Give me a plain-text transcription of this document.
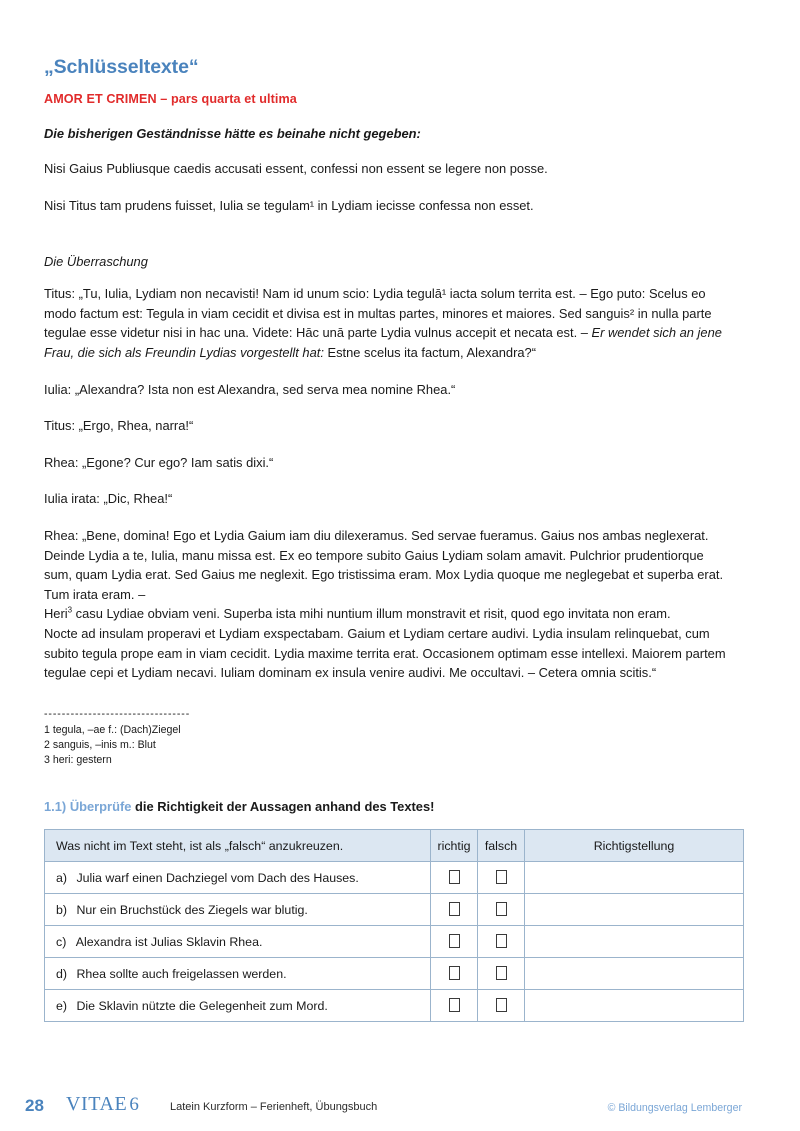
„Schlüsseltexte“
AMOR ET CRIMEN – pars quarta et ultima

Die bisherigen Geständnisse hätte es beinahe nicht gegeben:

Nisi Gaius Publiusque caedis accusati essent, confessi non essent se legere non posse.

Nisi Titus tam prudens fuisset, Iulia se tegulam¹ in Lydiam iecisse confessa non esset.

Die Überraschung

Titus: „Tu, Iulia, Lydiam non necavisti! Nam id unum scio: Lydia tegulā¹ iacta solum territa est. – Ego puto: Scelus eo modo factum est: Tegula in viam cecidit et divisa est in multas partes, minores et maiores. Sed sanguis² in nulla parte tegulae esse videtur nisi in hac una. Videte: Hāc unā parte Lydia vulnus accepit et necata est. – Er wendet sich an jene Frau, die sich als Freundin Lydias vorgestellt hat: Estne scelus ita factum, Alexandra?“

Iulia: „Alexandra? Ista non est Alexandra, sed serva mea nomine Rhea.“

Titus: „Ergo, Rhea, narra!“

Rhea: „Egone? Cur ego? Iam satis dixi.“

Iulia irata: „Dic, Rhea!“

Rhea: „Bene, domina! Ego et Lydia Gaium iam diu dilexeramus. Sed servae fueramus. Gaius nos ambas neglexerat. Deinde Lydia a te, Iulia, manu missa est. Ex eo tempore subito Gaius Lydiam solam amavit. Pulchrior prudentiorque sum, quam Lydia erat. Sed Gaius me neglexit. Ego tristissima eram. Mox Lydia quoque me neglegebat et superba erat. Tum irata eram. –

Heri$^3$ casu Lydiae obviam veni. Superba ista mihi nuntium illum monstravit et risit, quod ego invitata non eram.

Nocte ad insulam properavi et Lydiam exspectabam. Gaium et Lydiam certare audivi. Lydia insulam relinquebat, cum subito tegula prope eam in viam cecidit. Lydia maxime territa erat. Occasionem optimam esse intellexi. Maiorem partem tegulae cepi et Lydiam necavi. Iuliam dominam ex insula venire audivi. Me occultavi. – Cetera omnia scitis.“

---------------------------------

1 tegula, –ae f.: (Dach)Ziegel

2 sanguis, –inis m.: Blut

3 heri: gestern

1.1) Überprüfe die Richtigkeit der Aussagen anhand des Textes!
Was nicht im Text steht, ist als „falsch“ anzukreuzen.	richtig	falsch	Richtigstellung
a) Julia warf einen Dachziegel vom Dach des Hauses.			
b) Nur ein Bruchstück des Ziegels war blutig.			
c) Alexandra ist Julias Sklavin Rhea.			
d) Rhea sollte auch freigelassen werden.			
e) Die Sklavin nützte die Gelegenheit zum Mord.			
28 VITAE 6	Latein Kurzform – Ferienheft, Übungsbuch	© Bildungsverlag Lemberger
